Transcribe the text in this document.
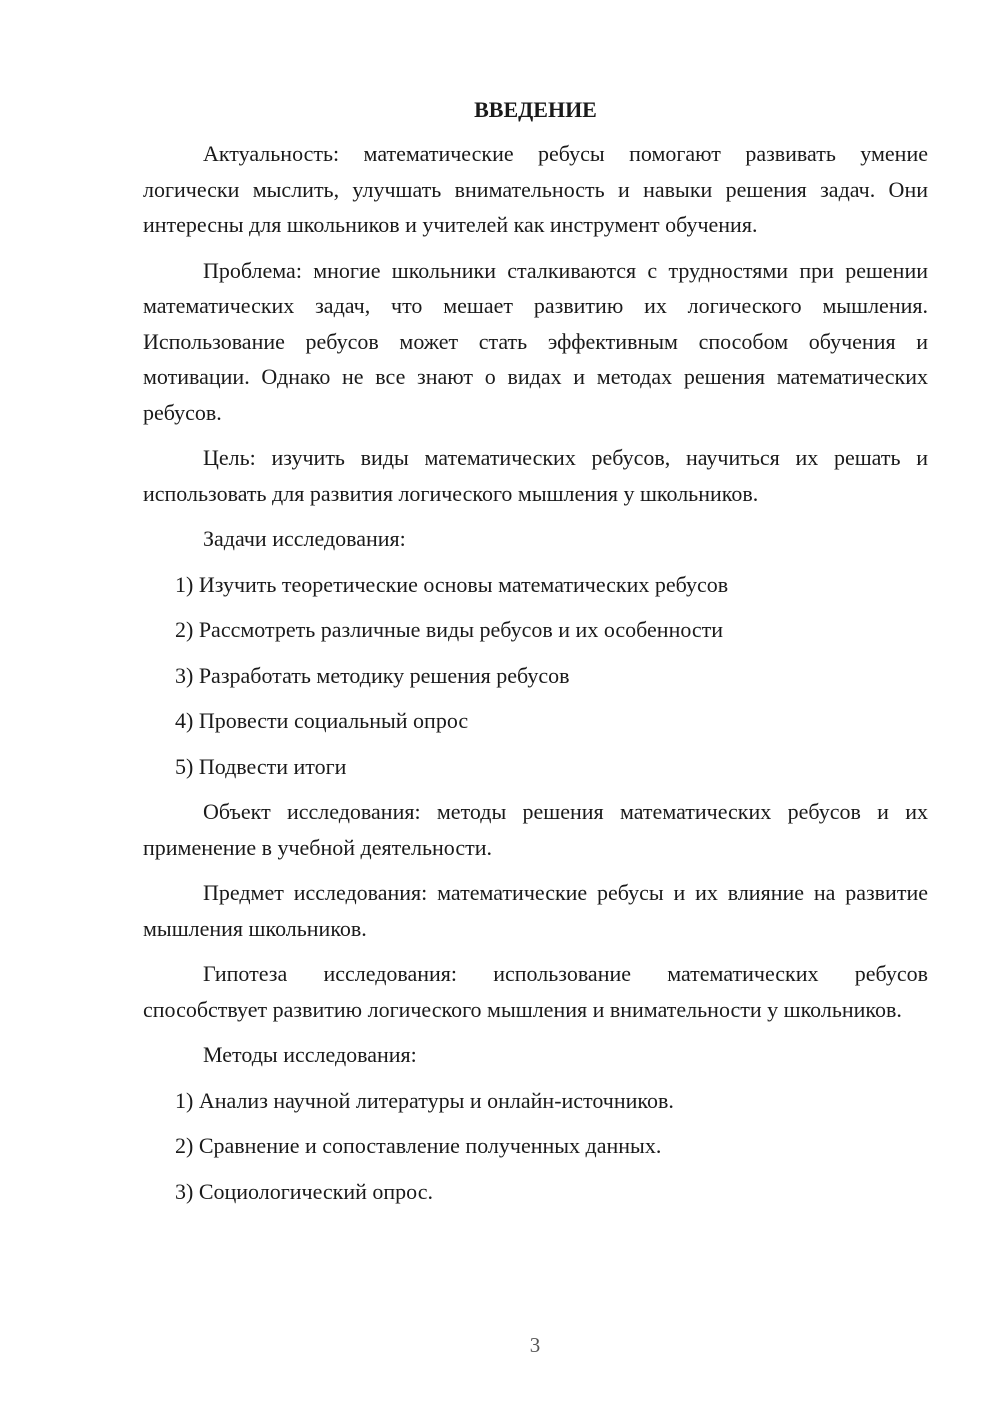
ВВЕДЕНИЕ

Актуальность: математические ребусы помогают развивать умение логически мыслить, улучшать внимательность и навыки решения задач. Они интересны для школьников и учителей как инструмент обучения.

Проблема: многие школьники сталкиваются с трудностями при решении математических задач, что мешает развитию их логического мышления. Использование ребусов может стать эффективным способом обучения и мотивации. Однако не все знают о видах и методах решения математических ребусов.

Цель: изучить виды математических ребусов, научиться их решать и использовать для развития логического мышления у школьников.

Задачи исследования:

1) Изучить теоретические основы математических ребусов
2) Рассмотреть различные виды ребусов и их особенности
3) Разработать методику решения ребусов
4) Провести социальный опрос
5) Подвести итоги

Объект исследования: методы решения математических ребусов и их применение в учебной деятельности.

Предмет исследования: математические ребусы и их влияние на развитие мышления школьников.

Гипотеза исследования: использование математических ребусов способствует развитию логического мышления и внимательности у школьников.

Методы исследования:

1) Анализ научной литературы и онлайн-источников.
2) Сравнение и сопоставление полученных данных.
3) Социологический опрос.
3
